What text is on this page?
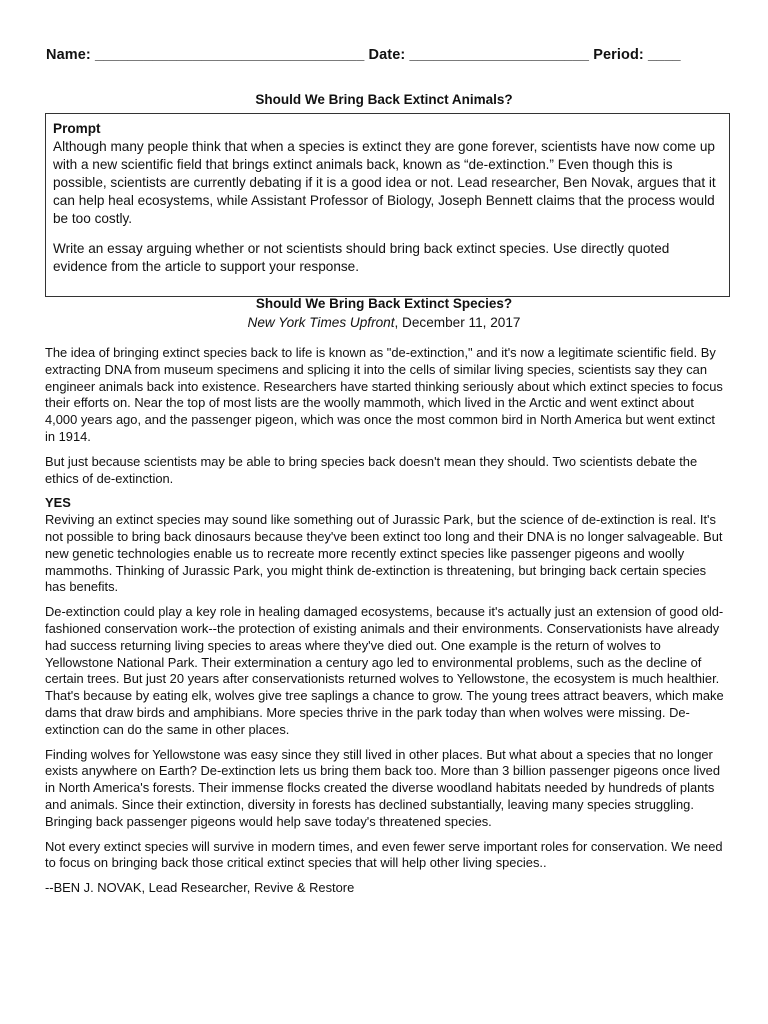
Name: _________________________________ Date: ______________________ Period: ____
Should We Bring Back Extinct Animals?

Prompt

Although many people think that when a species is extinct they are gone forever, scientists have now come up with a new scientific field that brings extinct animals back, known as “de-extinction.” Even though this is possible, scientists are currently debating if it is a good idea or not. Lead researcher, Ben Novak, argues that it can help heal ecosystems, while Assistant Professor of Biology, Joseph Bennett claims that the process would be too costly.

Write an essay arguing whether or not scientists should bring back extinct species. Use directly quoted evidence from the article to support your response.

Should We Bring Back Extinct Species?
New York Times Upfront, December 11, 2017

The idea of bringing extinct species back to life is known as "de-extinction," and it's now a legitimate scientific field. By extracting DNA from museum specimens and splicing it into the cells of similar living species, scientists say they can engineer animals back into existence. Researchers have started thinking seriously about which extinct species to focus their efforts on. Near the top of most lists are the woolly mammoth, which lived in the Arctic and went extinct about 4,000 years ago, and the passenger pigeon, which was once the most common bird in North America but went extinct in 1914.

But just because scientists may be able to bring species back doesn't mean they should. Two scientists debate the ethics of de-extinction.

YES

Reviving an extinct species may sound like something out of Jurassic Park, but the science of de-extinction is real. It's not possible to bring back dinosaurs because they've been extinct too long and their DNA is no longer salvageable. But new genetic technologies enable us to recreate more recently extinct species like passenger pigeons and woolly mammoths. Thinking of Jurassic Park, you might think de-extinction is threatening, but bringing back certain species has benefits.

De-extinction could play a key role in healing damaged ecosystems, because it's actually just an extension of good old-fashioned conservation work--the protection of existing animals and their environments. Conservationists have already had success returning living species to areas where they've died out. One example is the return of wolves to Yellowstone National Park. Their extermination a century ago led to environmental problems, such as the decline of certain trees. But just 20 years after conservationists returned wolves to Yellowstone, the ecosystem is much healthier. That's because by eating elk, wolves give tree saplings a chance to grow. The young trees attract beavers, which make dams that draw birds and amphibians. More species thrive in the park today than when wolves were missing. De-extinction can do the same in other places.

Finding wolves for Yellowstone was easy since they still lived in other places. But what about a species that no longer exists anywhere on Earth? De-extinction lets us bring them back too. More than 3 billion passenger pigeons once lived in North America's forests. Their immense flocks created the diverse woodland habitats needed by hundreds of plants and animals. Since their extinction, diversity in forests has declined substantially, leaving many species struggling. Bringing back passenger pigeons would help save today's threatened species.

Not every extinct species will survive in modern times, and even fewer serve important roles for conservation. We need to focus on bringing back those critical extinct species that will help other living species..

--BEN J. NOVAK, Lead Researcher, Revive & Restore
